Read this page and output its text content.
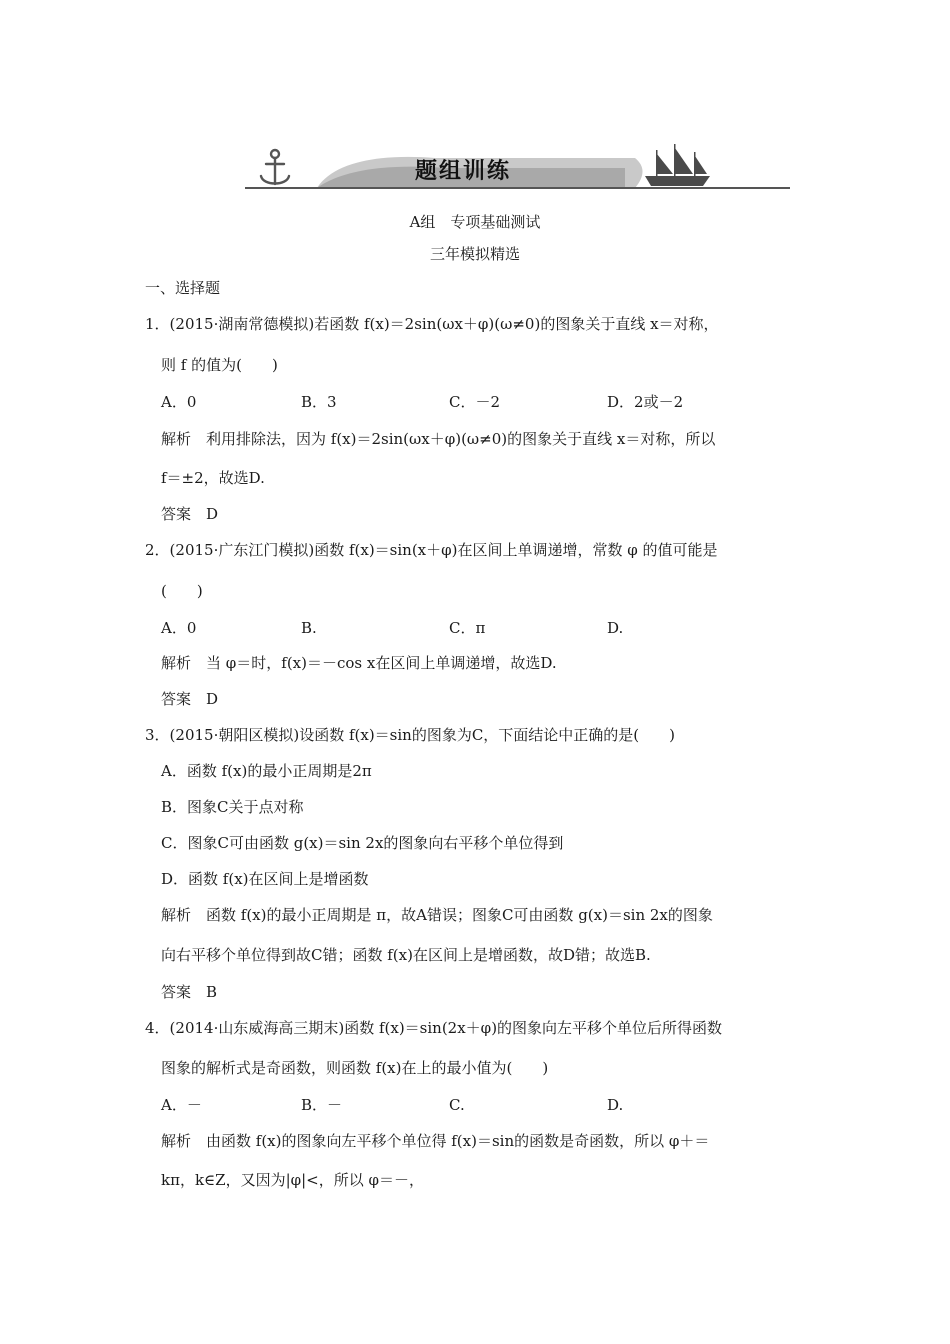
题组训练
A组　专项基础测试
三年模拟精选
一、选择题
1．(2015·湖南常德模拟)若函数 f(x)＝2sin(ωx＋φ)(ω≠0)的图象关于直线 x＝对称，
则 f 的值为(　　)
A．0	B．3	C．－2	D．2或－2
解析　利用排除法，因为 f(x)＝2sin(ωx＋φ)(ω≠0)的图象关于直线 x＝对称，所以
f＝±2，故选D.
答案　D
2．(2015·广东江门模拟)函数 f(x)＝sin(x＋φ)在区间上单调递增，常数 φ 的值可能是
(　　)
A．0	B.	C．π	D.
解析　当 φ＝时，f(x)＝－cos x在区间上单调递增，故选D.
答案　D
3．(2015·朝阳区模拟)设函数 f(x)＝sin的图象为C，下面结论中正确的是(　　)
A．函数 f(x)的最小正周期是2π
B．图象C关于点对称
C．图象C可由函数 g(x)＝sin 2x的图象向右平移个单位得到
D．函数 f(x)在区间上是增函数
解析　函数 f(x)的最小正周期是 π，故A错误；图象C可由函数 g(x)＝sin 2x的图象
向右平移个单位得到故C错；函数 f(x)在区间上是增函数，故D错；故选B.
答案　B
4．(2014·山东威海高三期末)函数 f(x)＝sin(2x＋φ)的图象向左平移个单位后所得函数
图象的解析式是奇函数，则函数 f(x)在上的最小值为(　　)
A．－	B．－	C.	D.
解析　由函数 f(x)的图象向左平移个单位得 f(x)＝sin的函数是奇函数，所以 φ＋＝
kπ，k∈Z，又因为|φ|<，所以 φ＝－，
